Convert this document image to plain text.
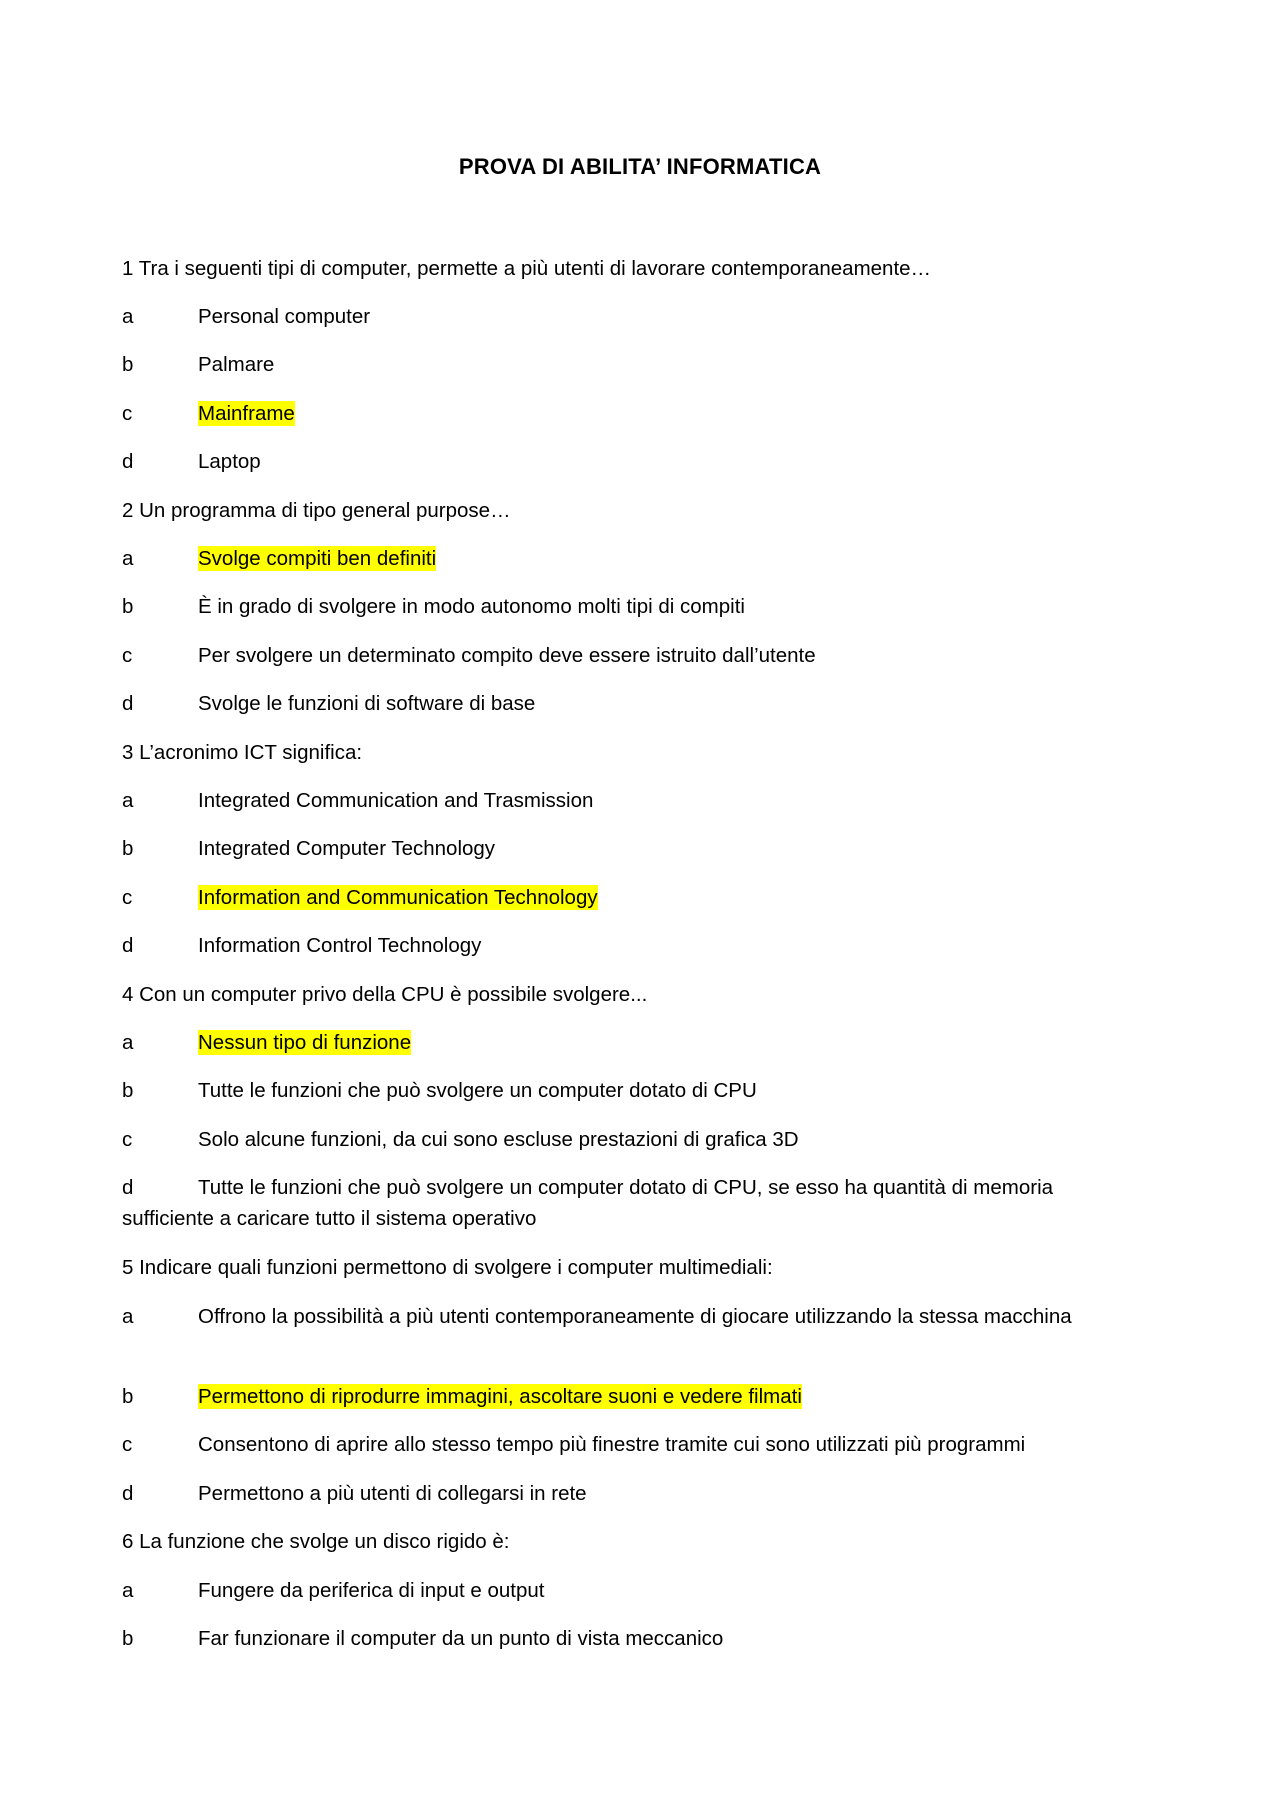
PROVA DI ABILITA’ INFORMATICA
1 Tra i seguenti tipi di computer, permette a più utenti di lavorare contemporaneamente…
a	Personal computer
b	Palmare
c	Mainframe
d	Laptop
2 Un programma di tipo general purpose…
a	Svolge compiti ben definiti
b	È in grado di svolgere in modo autonomo molti tipi di compiti
c	Per svolgere un determinato compito deve essere istruito dall’utente
d	Svolge le funzioni di software di base
3 L’acronimo ICT significa:
a	Integrated Communication and Trasmission
b	Integrated Computer Technology
c	Information and Communication Technology
d	Information Control Technology
4 Con un computer privo della CPU è possibile svolgere...
a	Nessun tipo di funzione
b	Tutte le funzioni che può svolgere un computer dotato di CPU
c	Solo alcune funzioni, da cui sono escluse prestazioni di grafica 3D
d	Tutte le funzioni che può svolgere un computer dotato di CPU, se esso ha quantità di memoria
sufficiente a caricare tutto il sistema operativo
5 Indicare quali funzioni permettono di svolgere i computer multimediali:
a	Offrono la possibilità a più utenti contemporaneamente di giocare utilizzando la stessa macchina
b	Permettono di riprodurre immagini, ascoltare suoni e vedere filmati
c	Consentono di aprire allo stesso tempo più finestre tramite cui sono utilizzati più programmi
d	Permettono a più utenti di collegarsi in rete
6 La funzione che svolge un disco rigido è:
a	Fungere da periferica di input e output
b	Far funzionare il computer da un punto di vista meccanico
